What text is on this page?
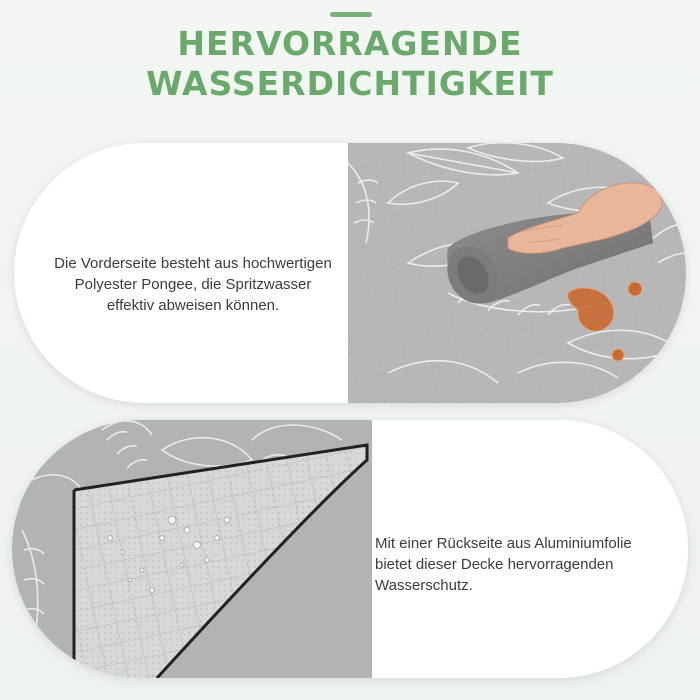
HERVORRAGENDE
WASSERDICHTIGKEIT
Die Vorderseite besteht aus hochwertigen
Polyester Pongee, die Spritzwasser
effektiv abweisen können.
Mit einer Rückseite aus Aluminiumfolie
bietet dieser Decke hervorragenden
Wasserschutz.
